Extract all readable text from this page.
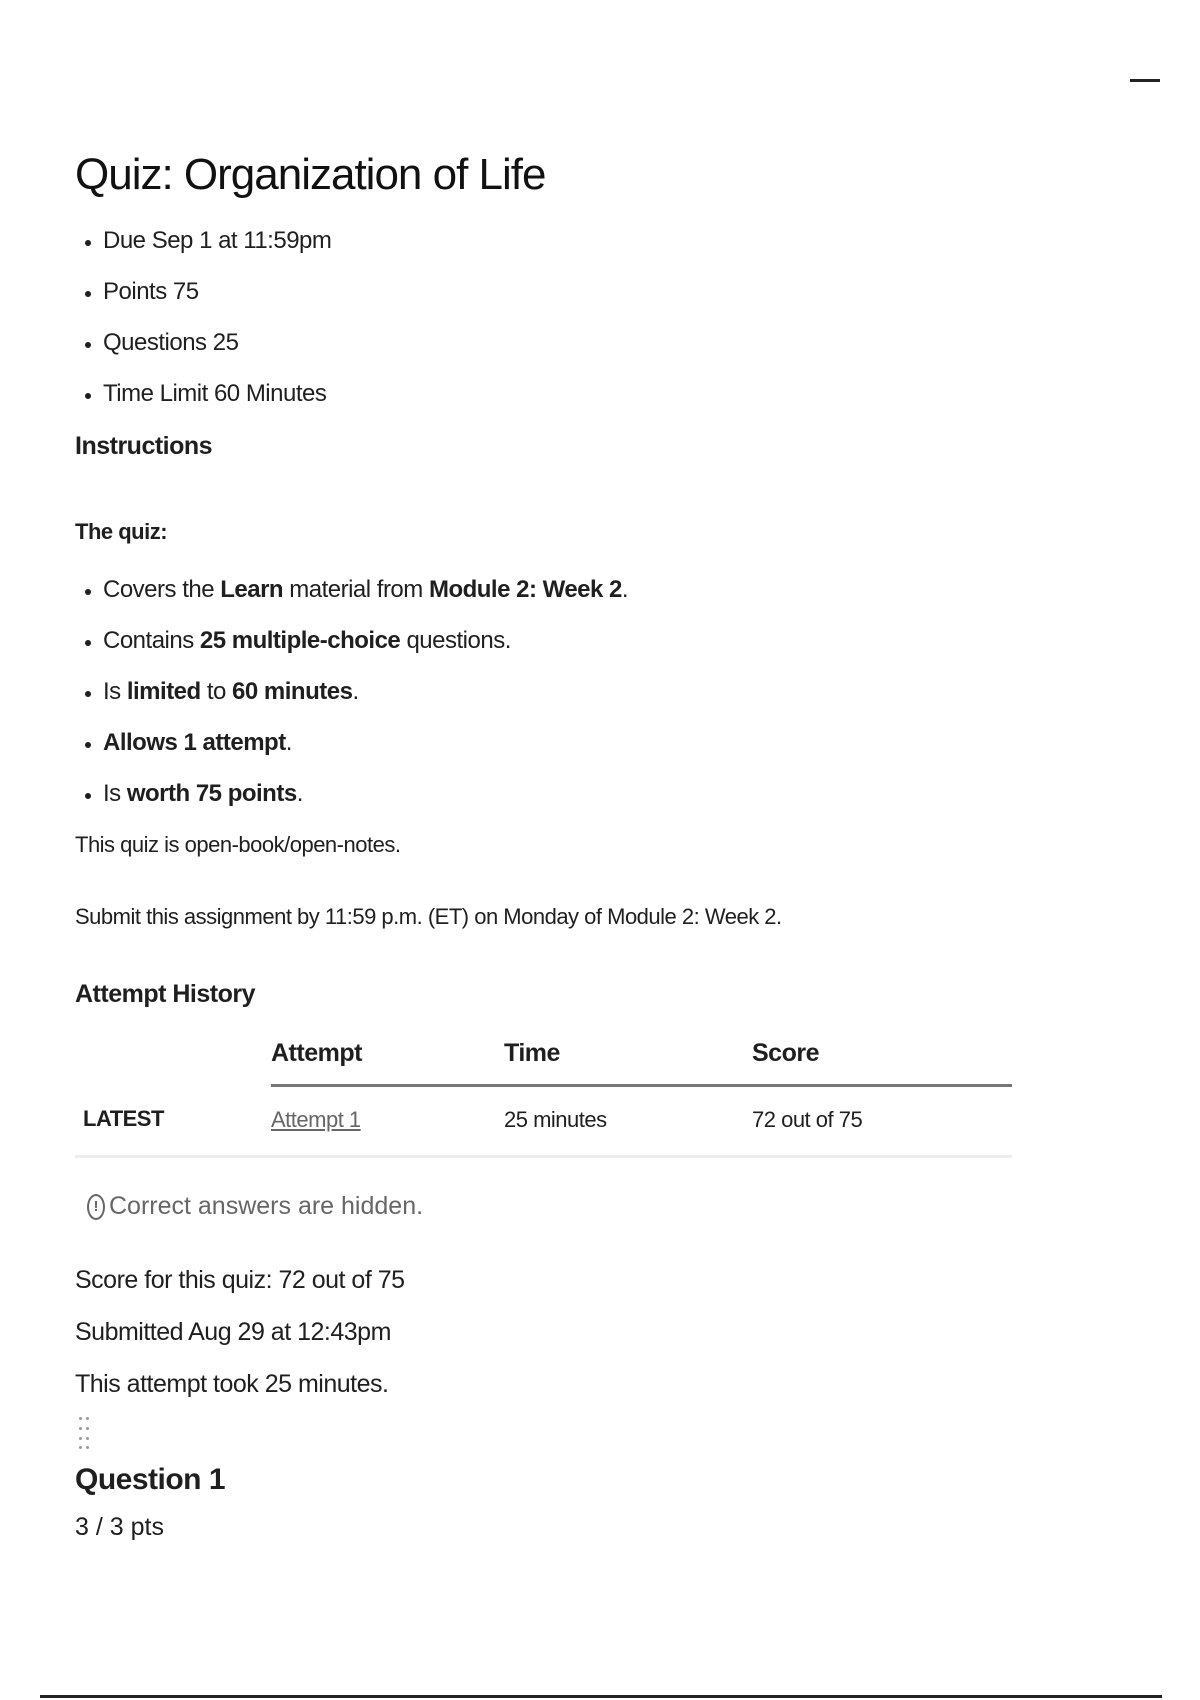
Quiz: Organization of Life
• Due Sep 1 at 11:59pm
• Points 75
• Questions 25
• Time Limit 60 Minutes
Instructions
The quiz:
• Covers the Learn material from Module 2: Week 2.
• Contains 25 multiple-choice questions.
• Is limited to 60 minutes.
• Allows 1 attempt.
• Is worth 75 points.

This quiz is open-book/open-notes.

Submit this assignment by 11:59 p.m. (ET) on Monday of Module 2: Week 2.

Attempt History
	Attempt	Time	Score
LATEST	Attempt 1	25 minutes	72 out of 75
! Correct answers are hidden.
Score for this quiz: 72 out of 75
Submitted Aug 29 at 12:43pm
This attempt took 25 minutes.
Question 1
3 / 3 pts
